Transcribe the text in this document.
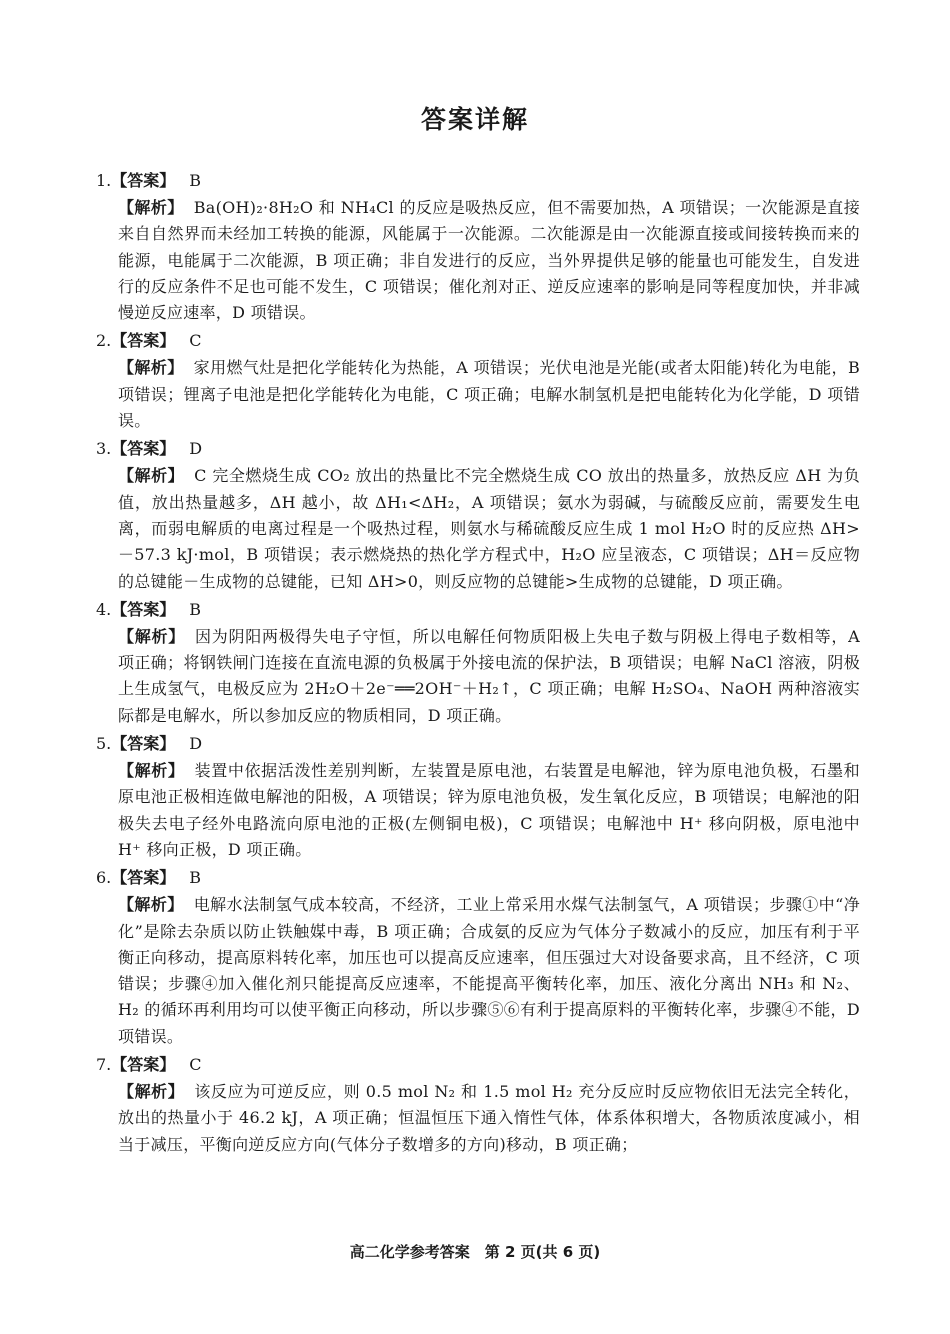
答案详解
1.【答案】 B
【解析】 Ba(OH)₂·8H₂O 和 NH₄Cl 的反应是吸热反应，但不需要加热，A 项错误；一次能源是直接来自自然界而未经加工转换的能源，风能属于一次能源。二次能源是由一次能源直接或间接转换而来的能源，电能属于二次能源，B 项正确；非自发进行的反应，当外界提供足够的能量也可能发生，自发进行的反应条件不足也可能不发生，C 项错误；催化剂对正、逆反应速率的影响是同等程度加快，并非减慢逆反应速率，D 项错误。
2.【答案】 C
【解析】 家用燃气灶是把化学能转化为热能，A 项错误；光伏电池是光能(或者太阳能)转化为电能，B 项错误；锂离子电池是把化学能转化为电能，C 项正确；电解水制氢机是把电能转化为化学能，D 项错误。
3.【答案】 D
【解析】 C 完全燃烧生成 CO₂ 放出的热量比不完全燃烧生成 CO 放出的热量多，放热反应 ΔH 为负值，放出热量越多，ΔH 越小，故 ΔH₁<ΔH₂，A 项错误；氨水为弱碱，与硫酸反应前，需要发生电离，而弱电解质的电离过程是一个吸热过程，则氨水与稀硫酸反应生成 1 mol H₂O 时的反应热 ΔH>－57.3 kJ·mol，B 项错误；表示燃烧热的热化学方程式中，H₂O 应呈液态，C 项错误；ΔH＝反应物的总键能－生成物的总键能，已知 ΔH>0，则反应物的总键能>生成物的总键能，D 项正确。
4.【答案】 B
【解析】 因为阴阳两极得失电子守恒，所以电解任何物质阳极上失电子数与阴极上得电子数相等，A 项正确；将钢铁闸门连接在直流电源的负极属于外接电流的保护法，B 项错误；电解 NaCl 溶液，阴极上生成氢气，电极反应为 2H₂O＋2e⁻══2OH⁻＋H₂↑，C 项正确；电解 H₂SO₄、NaOH 两种溶液实际都是电解水，所以参加反应的物质相同，D 项正确。
5.【答案】 D
【解析】 装置中依据活泼性差别判断，左装置是原电池，右装置是电解池，锌为原电池负极，石墨和原电池正极相连做电解池的阳极，A 项错误；锌为原电池负极，发生氧化反应，B 项错误；电解池的阳极失去电子经外电路流向原电池的正极(左侧铜电极)，C 项错误；电解池中 H⁺ 移向阴极，原电池中 H⁺ 移向正极，D 项正确。
6.【答案】 B
【解析】 电解水法制氢气成本较高，不经济，工业上常采用水煤气法制氢气，A 项错误；步骤①中“净化”是除去杂质以防止铁触媒中毒，B 项正确；合成氨的反应为气体分子数减小的反应，加压有利于平衡正向移动，提高原料转化率，加压也可以提高反应速率，但压强过大对设备要求高，且不经济，C 项错误；步骤④加入催化剂只能提高反应速率，不能提高平衡转化率，加压、液化分离出 NH₃ 和 N₂、H₂ 的循环再利用均可以使平衡正向移动，所以步骤⑤⑥有利于提高原料的平衡转化率，步骤④不能，D 项错误。
7.【答案】 C
【解析】 该反应为可逆反应，则 0.5 mol N₂ 和 1.5 mol H₂ 充分反应时反应物依旧无法完全转化，放出的热量小于 46.2 kJ，A 项正确；恒温恒压下通入惰性气体，体系体积增大，各物质浓度减小，相当于减压，平衡向逆反应方向(气体分子数增多的方向)移动，B 项正确；
高二化学参考答案　第 2 页(共 6 页)
